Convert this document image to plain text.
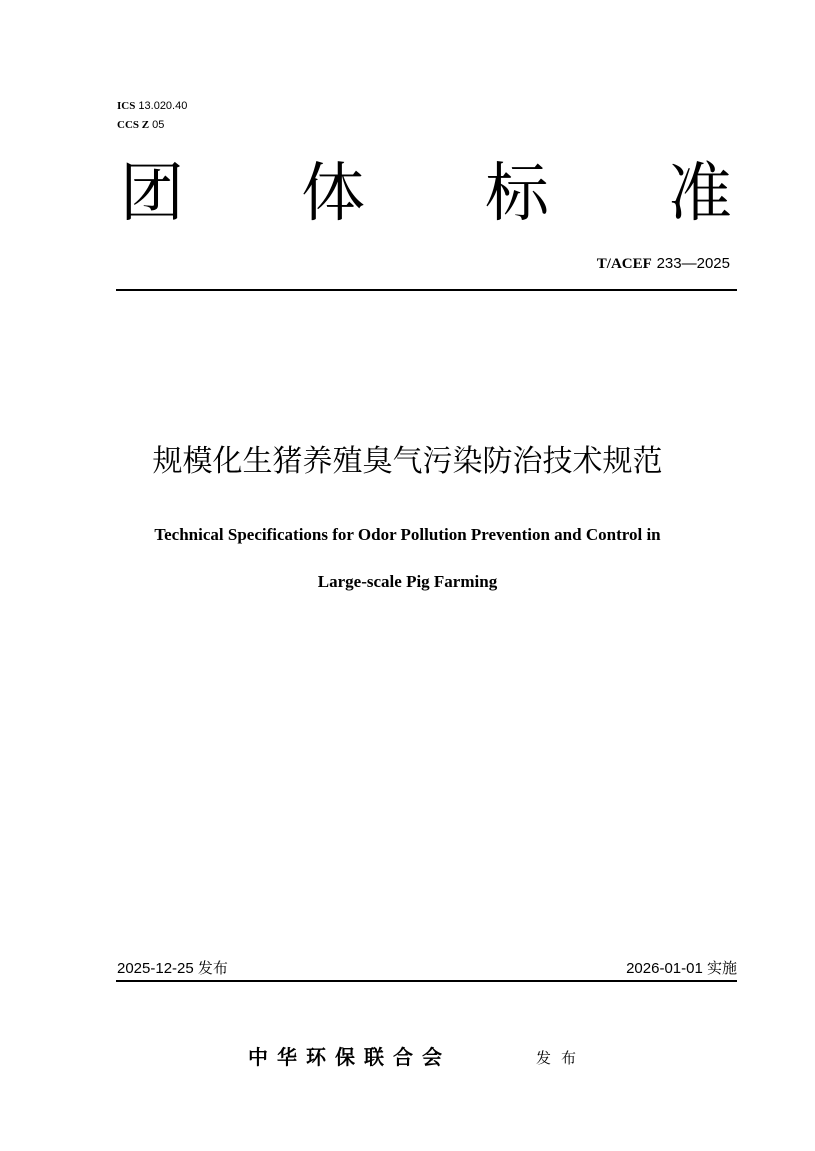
ICS 13.020.40
CCS Z 05
团 体 标 准
T/ACEF 233—2025
规模化生猪养殖臭气污染防治技术规范
Technical Specifications for Odor Pollution Prevention and Control in
Large-scale Pig Farming
2025-12-25 发布	2026-01-01 实施
中华环保联合会	发布
